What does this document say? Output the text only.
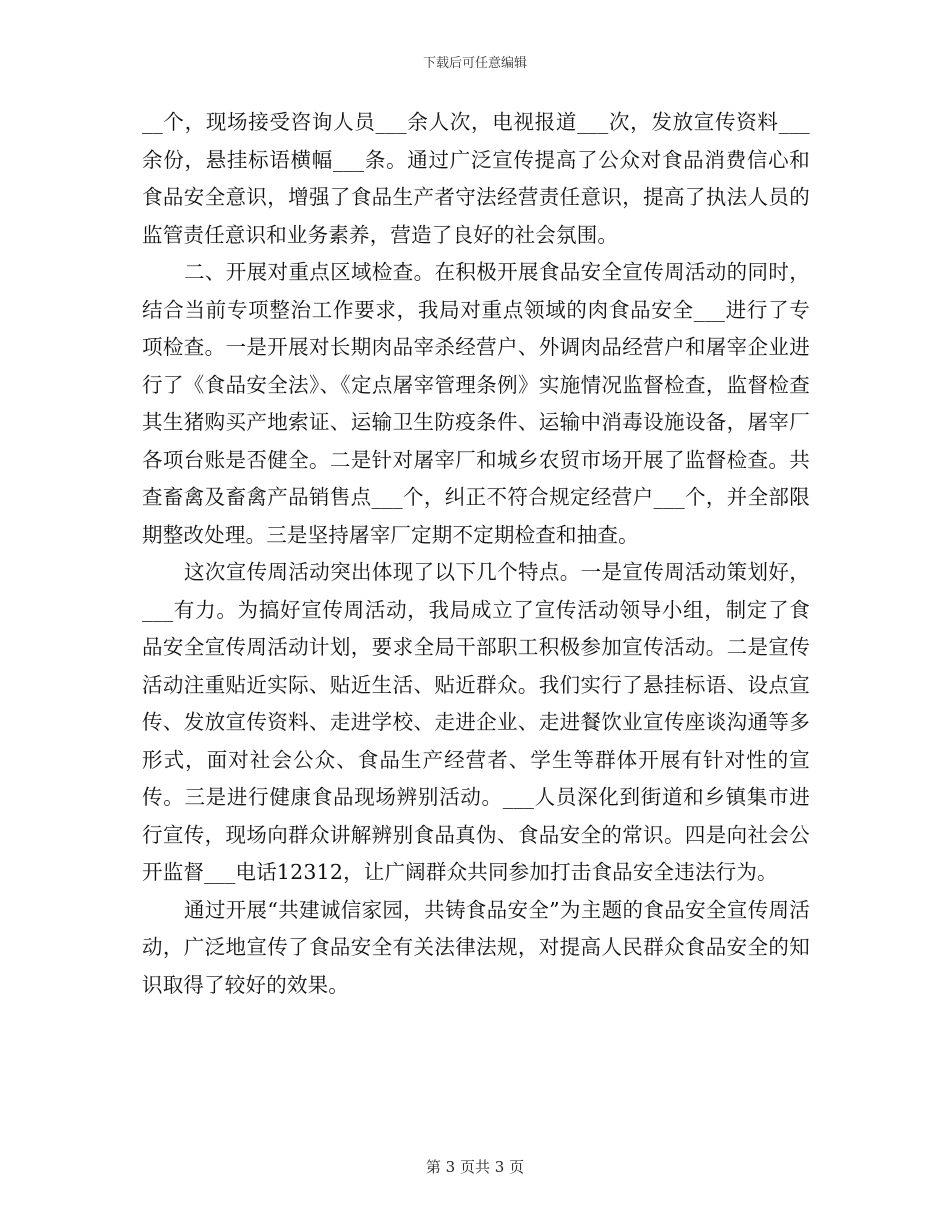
下载后可任意编辑

__个，现场接受咨询人员___余人次，电视报道___次，发放宣传资料___余份，悬挂标语横幅___条。通过广泛宣传提高了公众对食品消费信心和食品安全意识，增强了食品生产者守法经营责任意识，提高了执法人员的监管责任意识和业务素养，营造了良好的社会氛围。

二、开展对重点区域检查。在积极开展食品安全宣传周活动的同时，结合当前专项整治工作要求，我局对重点领域的肉食品安全___进行了专项检查。一是开展对长期肉品宰杀经营户、外调肉品经营户和屠宰企业进行了《食品安全法》、《定点屠宰管理条例》实施情况监督检查，监督检查其生猪购买产地索证、运输卫生防疫条件、运输中消毒设施设备，屠宰厂各项台账是否健全。二是针对屠宰厂和城乡农贸市场开展了监督检查。共查畜禽及畜禽产品销售点___个，纠正不符合规定经营户___个，并全部限期整改处理。三是坚持屠宰厂定期不定期检查和抽查。

这次宣传周活动突出体现了以下几个特点。一是宣传周活动策划好，___有力。为搞好宣传周活动，我局成立了宣传活动领导小组，制定了食品安全宣传周活动计划，要求全局干部职工积极参加宣传活动。二是宣传活动注重贴近实际、贴近生活、贴近群众。我们实行了悬挂标语、设点宣传、发放宣传资料、走进学校、走进企业、走进餐饮业宣传座谈沟通等多形式，面对社会公众、食品生产经营者、学生等群体开展有针对性的宣传。三是进行健康食品现场辨别活动。___人员深化到街道和乡镇集市进行宣传，现场向群众讲解辨别食品真伪、食品安全的常识。四是向社会公开监督___电话12312，让广阔群众共同参加打击食品安全违法行为。

通过开展“共建诚信家园，共铸食品安全”为主题的食品安全宣传周活动，广泛地宣传了食品安全有关法律法规，对提高人民群众食品安全的知识取得了较好的效果。

第 3 页共 3 页
